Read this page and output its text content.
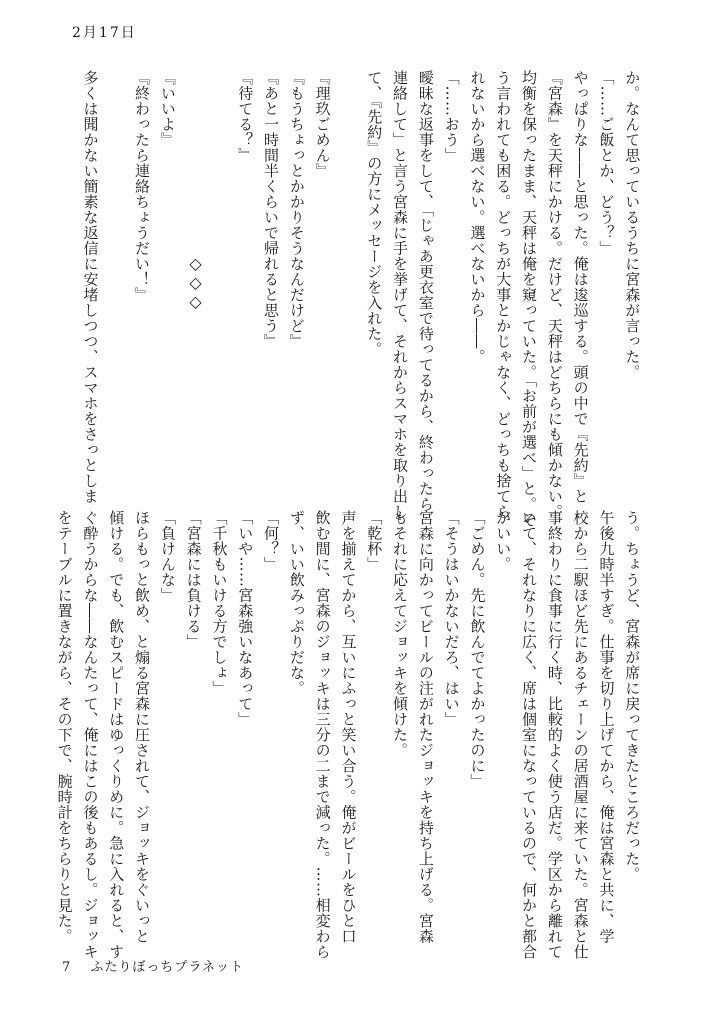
2月17日
か。なんて思っているうちに宮森が言った。
「……ご飯とか、どう？」
やっぱりな――と思った。俺は逡巡する。頭の中で『先約』と
『宮森』を天秤にかける。だけど、天秤はどちらにも傾かない。
均衡を保ったまま、天秤は俺を窺っていた。「お前が選べ」と。そ
う言われても困る。どっちが大事とかじゃなく、どっちも捨てら
れないから選べない。選べないから――。
「……おう」
曖昧な返事をして、「じゃあ更衣室で待ってるから、終わったら
連絡して」と言う宮森に手を挙げて、それからスマホを取り出し
て、『先約』の方にメッセージを入れた。
『理玖ごめん』
『もうちょっとかかりそうなんだけど』
『あと一時間半くらいで帰れると思う』
『待てる？』
『いいよ』
『終わったら連絡ちょうだい！』
多くは聞かない簡素な返信に安堵しつつ、スマホをさっとしま	◇◇◇
う。ちょうど、宮森が席に戻ってきたところだった。
午後九時半すぎ。仕事を切り上げてから、俺は宮森と共に、学
校から二駅ほど先にあるチェーンの居酒屋に来ていた。宮森と仕
事終わりに食事に行く時、比較的よく使う店だ。学区から離れて
いて、それなりに広く、席は個室になっているので、何かと都合
がいい。
「ごめん。先に飲んでてよかったのに」
「そうはいかないだろ、はい」
宮森に向かってビールの注がれたジョッキを持ち上げる。宮森
もそれに応えてジョッキを傾けた。
「乾杯」
声を揃えてから、互いにふっと笑い合う。俺がビールをひと口
飲む間に、宮森のジョッキは三分の二まで減った。……相変わら
ず、いい飲みっぷりだな。
「何？」
「いや……宮森強いなあって」
「千秋もいける方でしょ」
「宮森には負ける」
「負けんな」
ほらもっと飲め、と煽る宮森に圧されて、ジョッキをぐいっと
傾ける。でも、飲むスピードはゆっくりめに。急に入れると、す
ぐ酔うからな――なんたって、俺にはこの後もあるし。ジョッキ
をテーブルに置きながら、その下で、腕時計をちらりと見た。
7 ふたりぼっちプラネット
